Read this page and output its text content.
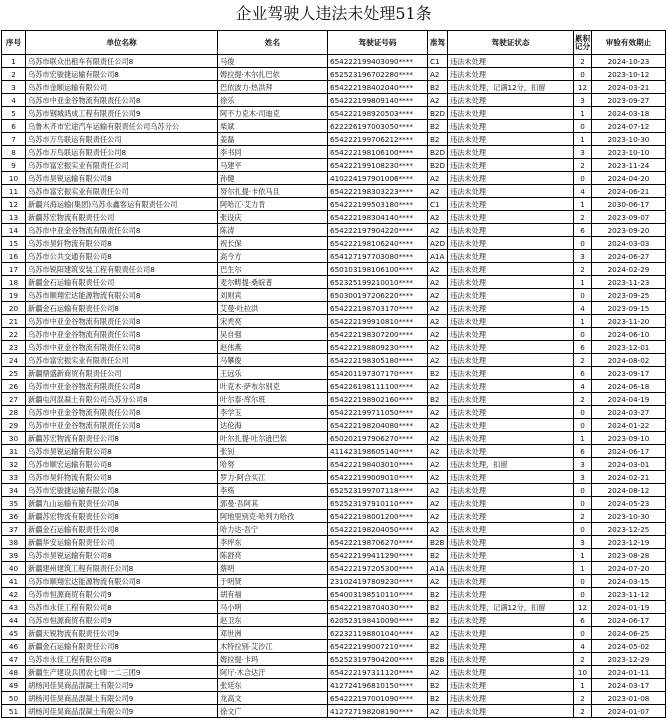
企业驾驶人违法未处理51条
序号	单位名称	姓名	驾驶证号码	准驾	驾驶证状态	累积记分	审验有效期止
1	乌苏市联众出租车有限责任公司8	马俊	654222199403090****	C1	违法未处理	2	2024-10-23
2	乌苏市宏骏捷运输有限公司8	姆拉提·木尔扎巴依	652523196702280****	A2	违法未处理	0	2023-10-12
3	乌苏市金顺运输有限公司	巴依波力·热洪拜	654222198402040****	B2	违法未处理，记满12分，扣留	12	2024-03-21
4	乌苏市中亚金谷物流有限责任公司8	徐乐	654222199809140****	A2	违法未处理	3	2023-09-27
5	乌苏市钢城鸿成工程有限责任公司9	阿不力克木·司迪克	654222198920503****	B2D	违法未处理	1	2024-03-18
6	乌鲁木齐市宏途汽车运输有限责任公司乌苏分公	柴斌	622226197003050****	B2	违法未处理	0	2024-07-12
7	乌苏市万鸟联运有限责任公司	姜磊	654222199706212****	B2	违法未处理	1	2023-10-30
8	乌苏市万鸟联运有限责任公司8	李书同	654222198106100****	B2D	违法未处理	3	2023-10-10
9	乌苏市富宏振实业有限责任公司	马建平	654222199108230****	B2D	违法未处理	2	2023-11-24
10	乌苏市昊锐运输有限公司8	孙健	410224197901006****	A2	违法未处理	0	2024-04-20
11	乌苏市富宏振实业有限责任公司	努尔扎提·卡依马且	654222198303223****	A2	违法未处理	4	2024-06-21
12	新疆兴海运输(集团)乌苏永鑫客运有限责任公司	阿哈江·艾力肯	654222199503180****	C1	违法未处理	1	2030-06-17
13	新疆苏宏物流有限责任公司	张设庆	654222198304140****	A2	违法未处理	2	2023-09-07
14	乌苏市中亚金谷物流有限责任公司8	陈涛	654222197904220****	A2	违法未处理	6	2023-09-20
15	乌苏市昊轩物流有限公司8	祝长保	654222198106240****	A2D	违法未处理	0	2024-03-03
16	乌苏市公共交通有限公司8	高今方	654127197703080****	A1A	违法未处理	3	2024-06-27
17	乌苏市锐阳建筑安装工程有限责任公司8	巴生尔	650103198106100****	A2	违法未处理	2	2024-02-29
18	新疆金石运输有限责任公司	麦尔畴提·桑皖普	652325199210010****	A2	违法未处理	1	2023-11-23
19	乌苏市顺翔宏达能源物流有限公司8	刘则宾	650300197206220****	A2	违法未处理	0	2023-09-25
20	新疆金石运输有限责任公司8	艾曼·吐拉洪	654222198703170****	A2	违法未处理	4	2023-09-15
21	乌苏市中亚金谷物流有限责任公司8	宋秃亮	654222199910810****	A2	违法未处理	1	2023-11-20
22	乌苏市中亚金谷物流有限责任公司8	吴自强	654222198307200****	A2	违法未处理	0	2024-06-10
23	乌苏市中亚金谷物流有限责任公司8	赵伟燕	654222198809230****	A2	违法未处理	6	2023-12-01
24	乌苏市富宏振实业有限责任公司	马攀俊	654222198305180****	A2	违法未处理	2	2024-08-02
25	新疆鼎盛新商贸有限责任公司	王远乐	654201197307170****	B2	违法未处理	6	2023-09-17
26	乌苏市中亚金谷物流有限责任公司8	叶克木·萨布尔别克	654226198111100****	A2	违法未处理	4	2024-06-18
27	新疆屯河混凝土有限公司乌苏分公司8	叶尔泰·库尔班	654222198902160****	B2	违法未处理	2	2024-04-19
28	乌苏市中亚金谷物流有限责任公司8	李学玉	654222199711050****	A2	违法未处理	0	2024-03-27
29	乌苏市中亚金谷物流有限责任公司8	达伦海	654222198204080****	A2	违法未处理	0	2024-01-22
30	新疆苏宏物流有限责任公司8	叶尔扎提·吐尔逊巴依	650202197906270****	A2	违法未处理	1	2023-09-10
31	乌苏市昊锐运输有限公司8	张钊	411423198605140****	A2	违法未处理	6	2024-06-17
32	乌苏市顺宏运输有限公司8	哈努	654222198403010****	A2	违法未处理，扣留	3	2024-03-01
33	乌苏市昊轩物流有限公司8	罗力·阿合买江	654222199009010****	A2	违法未处理	3	2024-02-21
34	乌苏市宏骏捷运输有限公司8	李殇	652523199707118****	A2	违法未处理	0	2024-08-12
35	新疆九山运输有限责任公司8	郭曼·吾阿其	652523197910110****	A2	违法未处理	0	2024-05-23
36	新疆苏宏物流有限责任公司8	阿地里别克·哈列力哈孜	654222198001200****	A2	违法未处理	2	2023-10-30
37	新疆金石运输有限责任公司8	哈力达·吾宁	654222198204050****	A2	违法未处理	0	2023-12-25
38	新疆华安运输有限责任公司	李坪东	654222198706270****	B2B	违法未处理	3	2023-12-19
39	乌苏市昊锐运输有限公司8	陈舒亮	654222199411290****	B2	违法未处理	1	2023-08-28
40	新疆建州建筑工程有限责任公司8	蔡明	654222197205300****	A1A	违法未处理	1	2024-07-20
41	乌苏市顺翔宏达能源物流有限公司8	于明贤	231024197809230****	A2	违法未处理	0	2024-03-15
42	乌苏市恒源商贸有限公司9	胡有福	654003198510110****	B2	违法未处理	0	2023-11-12
43	乌苏市永佳工程有限公司8	马小明	654222198704030****	B2	违法未处理，记满12分，扣留	12	2024-01-19
44	乌苏市恒源商贸有限公司9	赵卫东	620523198410090****	B2	违法未处理	6	2024-06-17
45	新疆天锐物流有限责任公司9	邓世洲	622321198801040****	A2	违法未处理	0	2024-06-25
46	新疆金石运输有限责任公司8	木特拉别·艾沙江	654222199007210****	B2	违法未处理	4	2024-05-02
47	乌苏市永佳工程有限公司8	姆拉提·卡玛	652523197904200****	B2B	违法未处理	2	2023-12-29
48	新疆生产建设兵团农七师一二三团9	阿厅·木合达汗	654222197311120****	A2	违法未处理	10	2024-01-11
49	胡杨河佳昊商品混凝土有限公司9	张廷东	412724196810150****	B2	违法未处理	1	2024-03-17
50	胡杨河佳昊商品混凝土有限公司9	龙高文	654222197001090****	B2	违法未处理	2	2023-01-08
51	胡杨河佳昊商品混凝土有限公司9	徐文广	412727198208190****	A2	违法未处理	2	2024-01-07
